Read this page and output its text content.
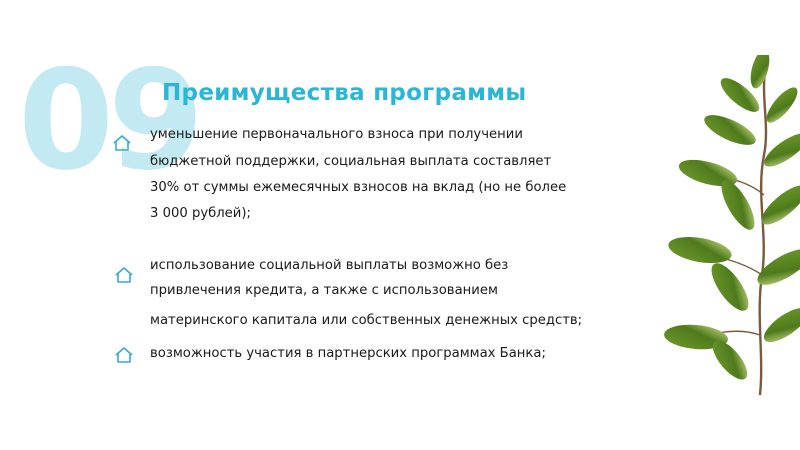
09
Преимущества программы
уменьшение первоначального взноса при получении
бюджетной поддержки, социальная выплата составляет
30% от суммы ежемесячных взносов на вклад (но не более
3 000 рублей);
использование социальной выплаты возможно без
привлечения кредита, а также с использованием
материнского капитала или собственных денежных средств;
возможность участия в партнерских программах Банка;
